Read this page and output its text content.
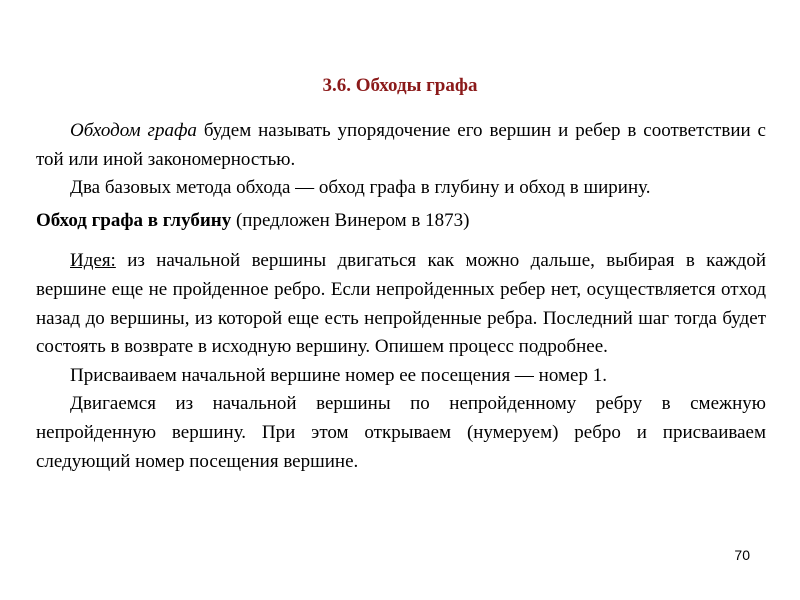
3.6. Обходы графа

Обходом графа будем называть упорядочение его вершин и ребер в соответствии с той или иной закономерностью.

Два базовых метода обхода — обход графа в глубину и обход в ширину.

Обход графа в глубину (предложен Винером в 1873)

Идея: из начальной вершины двигаться как можно дальше, выбирая в каждой вершине еще не пройденное ребро. Если непройденных ребер нет, осуществляется отход назад до вершины, из которой еще есть непройденные ребра. Последний шаг тогда будет состоять в возврате в исходную вершину. Опишем процесс подробнее.

Присваиваем начальной вершине номер ее посещения — номер 1.

Двигаемся из начальной вершины по непройденному ребру в смежную непройденную вершину. При этом открываем (нумеруем) ребро и присваиваем следующий номер посещения вершине.

70
